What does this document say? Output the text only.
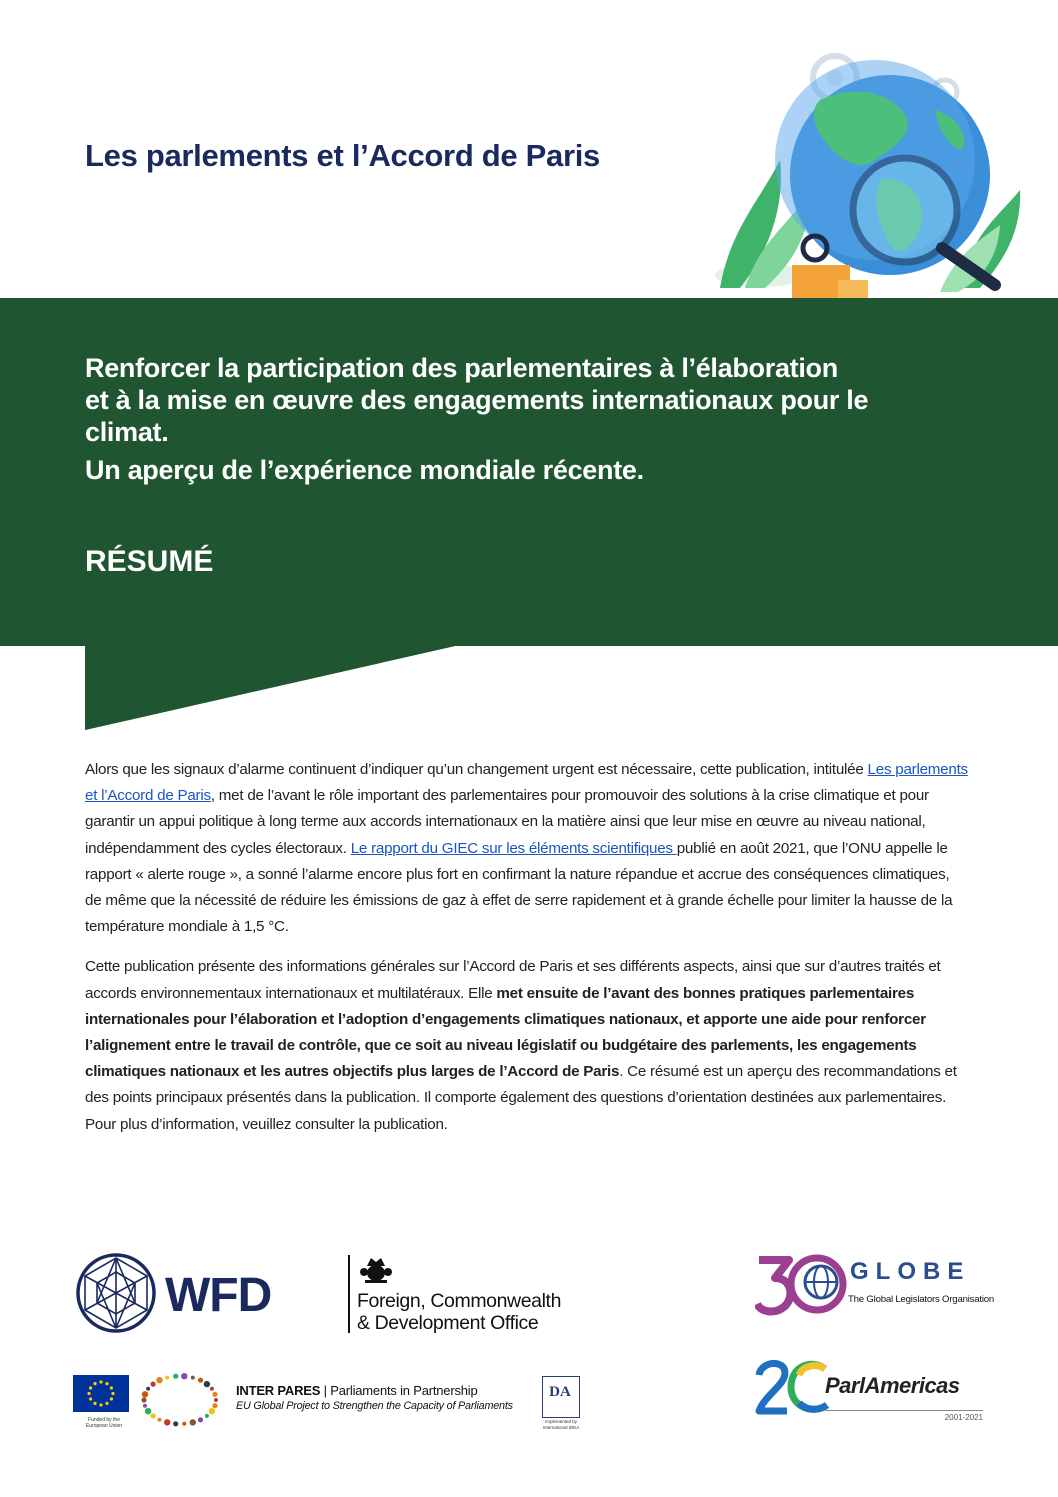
Les parlements et l’Accord de Paris
Renforcer la participation des parlementaires à l’élaboration
et à la mise en œuvre des engagements internationaux pour le
climat.
Un aperçu de l’expérience mondiale récente.
RÉSUMÉ

Alors que les signaux d’alarme continuent d’indiquer qu’un changement urgent est nécessaire, cette publication, intitulée Les parlements et l’Accord de Paris, met de l’avant le rôle important des parlementaires pour promouvoir des solutions à la crise climatique et pour garantir un appui politique à long terme aux accords internationaux en la matière ainsi que leur mise en œuvre au niveau national, indépendamment des cycles électoraux. Le rapport du GIEC sur les éléments scientifiques publié en août 2021, que l’ONU appelle le rapport « alerte rouge », a sonné l’alarme encore plus fort en confirmant la nature répandue et accrue des conséquences climatiques, de même que la nécessité de réduire les émissions de gaz à effet de serre rapidement et à grande échelle pour limiter la hausse de la température mondiale à 1,5 °C.

Cette publication présente des informations générales sur l’Accord de Paris et ses différents aspects, ainsi que sur d’autres traités et accords environnementaux internationaux et multilatéraux. Elle met ensuite de l’avant des bonnes pratiques parlementaires internationales pour l’élaboration et l’adoption d’engagements climatiques nationaux, et apporte une aide pour renforcer l’alignement entre le travail de contrôle, que ce soit au niveau législatif ou budgétaire des parlements, les engagements climatiques nationaux et les autres objectifs plus larges de l’Accord de Paris. Ce résumé est un aperçu des recommandations et des points principaux présentés dans la publication. Il comporte également des questions d’orientation destinées aux parlementaires. Pour plus d’information, veuillez consulter la publication.

WFD	Foreign, Commonwealth
& Development Office
GLOBE
The Global Legislators Organisation
ParlAmericas
2001-2021
Funded by the
European Union
INTER PARES | Parliaments in Partnership
EU Global Project to Strengthen the Capacity of Parliaments
DA
Implemented by
International IDEA
